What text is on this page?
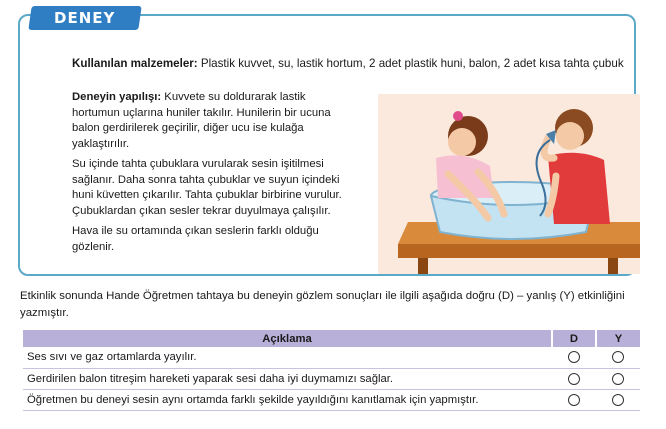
Kullanılan malzemeler: Plastik kuvvet, su, lastik hortum, 2 adet plastik huni, balon, 2 adet kısa tahta çubuk

Deneyin yapılışı: Kuvvete su doldurarak lastik hortumun uçlarına huniler takılır. Hunilerin bir ucuna balon gerdirilerek geçirilir, diğer ucu ise kulağa yaklaştırılır.

Su içinde tahta çubuklara vurularak sesin işitilmesi sağlanır. Daha sonra tahta çubuklar ve suyun içindeki huni küvetten çıkarılır. Tahta çubuklar birbirine vurulur. Çubuklardan çıkan sesler tekrar duyulmaya çalışılır.

Hava ile su ortamında çıkan seslerin farklı olduğu gözlenir.

DENEY
Etkinlik sonunda Hande Öğretmen tahtaya bu deneyin gözlem sonuçları ile ilgili aşağıda doğru (D) – yanlış (Y) etkinliğini yazmıştır.
Açıklama	D	Y
Ses sıvı ve gaz ortamlarda yayılır.		
Gerdirilen balon titreşim hareketi yaparak sesi daha iyi duymamızı sağlar.		
Öğretmen bu deneyi sesin aynı ortamda farklı şekilde yayıldığını kanıtlamak için yapmıştır.		
